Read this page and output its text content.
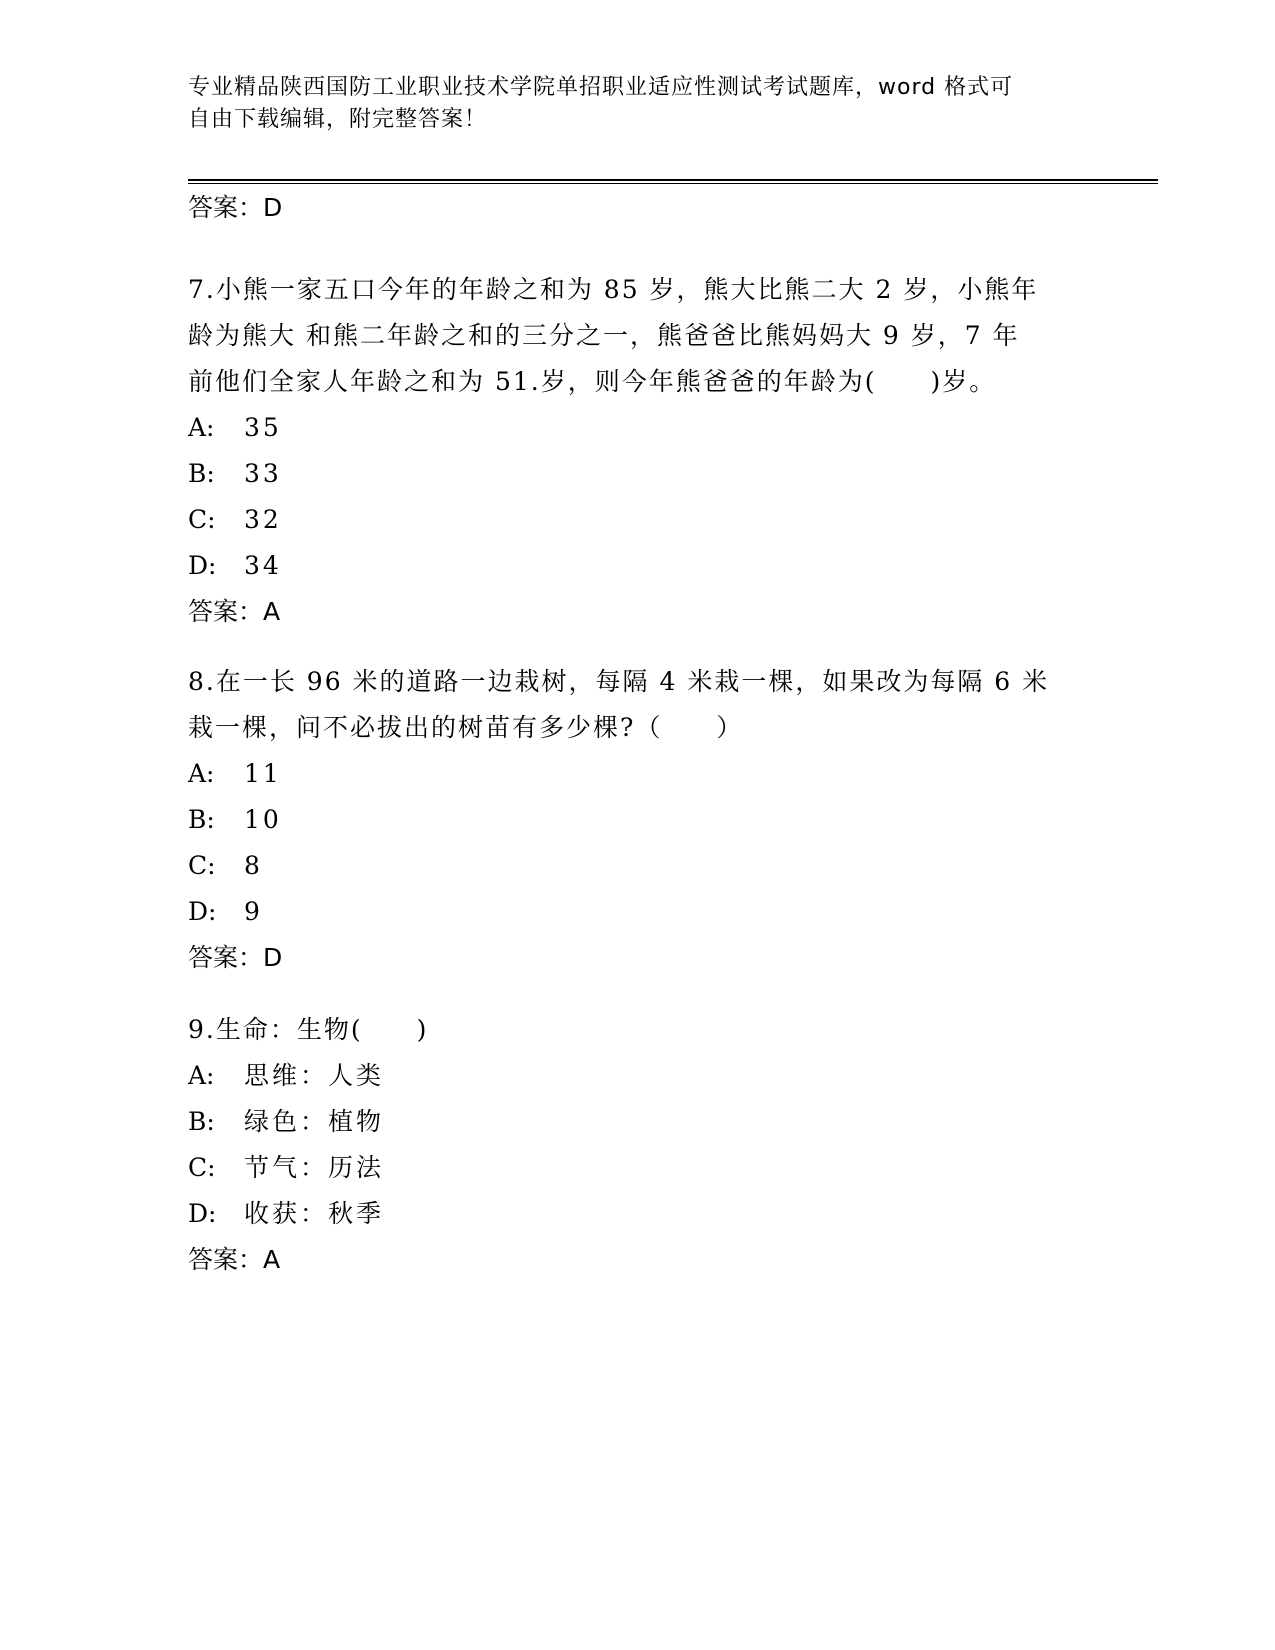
专业精品陕西国防工业职业技术学院单招职业适应性测试考试题库，word 格式可
自由下载编辑，附完整答案！
答案：D
7.小熊一家五口今年的年龄之和为 85 岁，熊大比熊二大 2 岁，小熊年
龄为熊大 和熊二年龄之和的三分之一，熊爸爸比熊妈妈大 9 岁，7 年
前他们全家人年龄之和为 51.岁，则今年熊爸爸的年龄为(　　)岁。
A:	35
B:	33
C:	32
D:	34
答案：A
8.在一长 96 米的道路一边栽树，每隔 4 米栽一棵，如果改为每隔 6 米
栽一棵，问不必拔出的树苗有多少棵?（　　）
A:	11
B:	10
C:	8
D:	9
答案：D
9.生命：生物(　　)
A:	思维：人类
B:	绿色：植物
C:	节气：历法
D:	收获：秋季
答案：A
